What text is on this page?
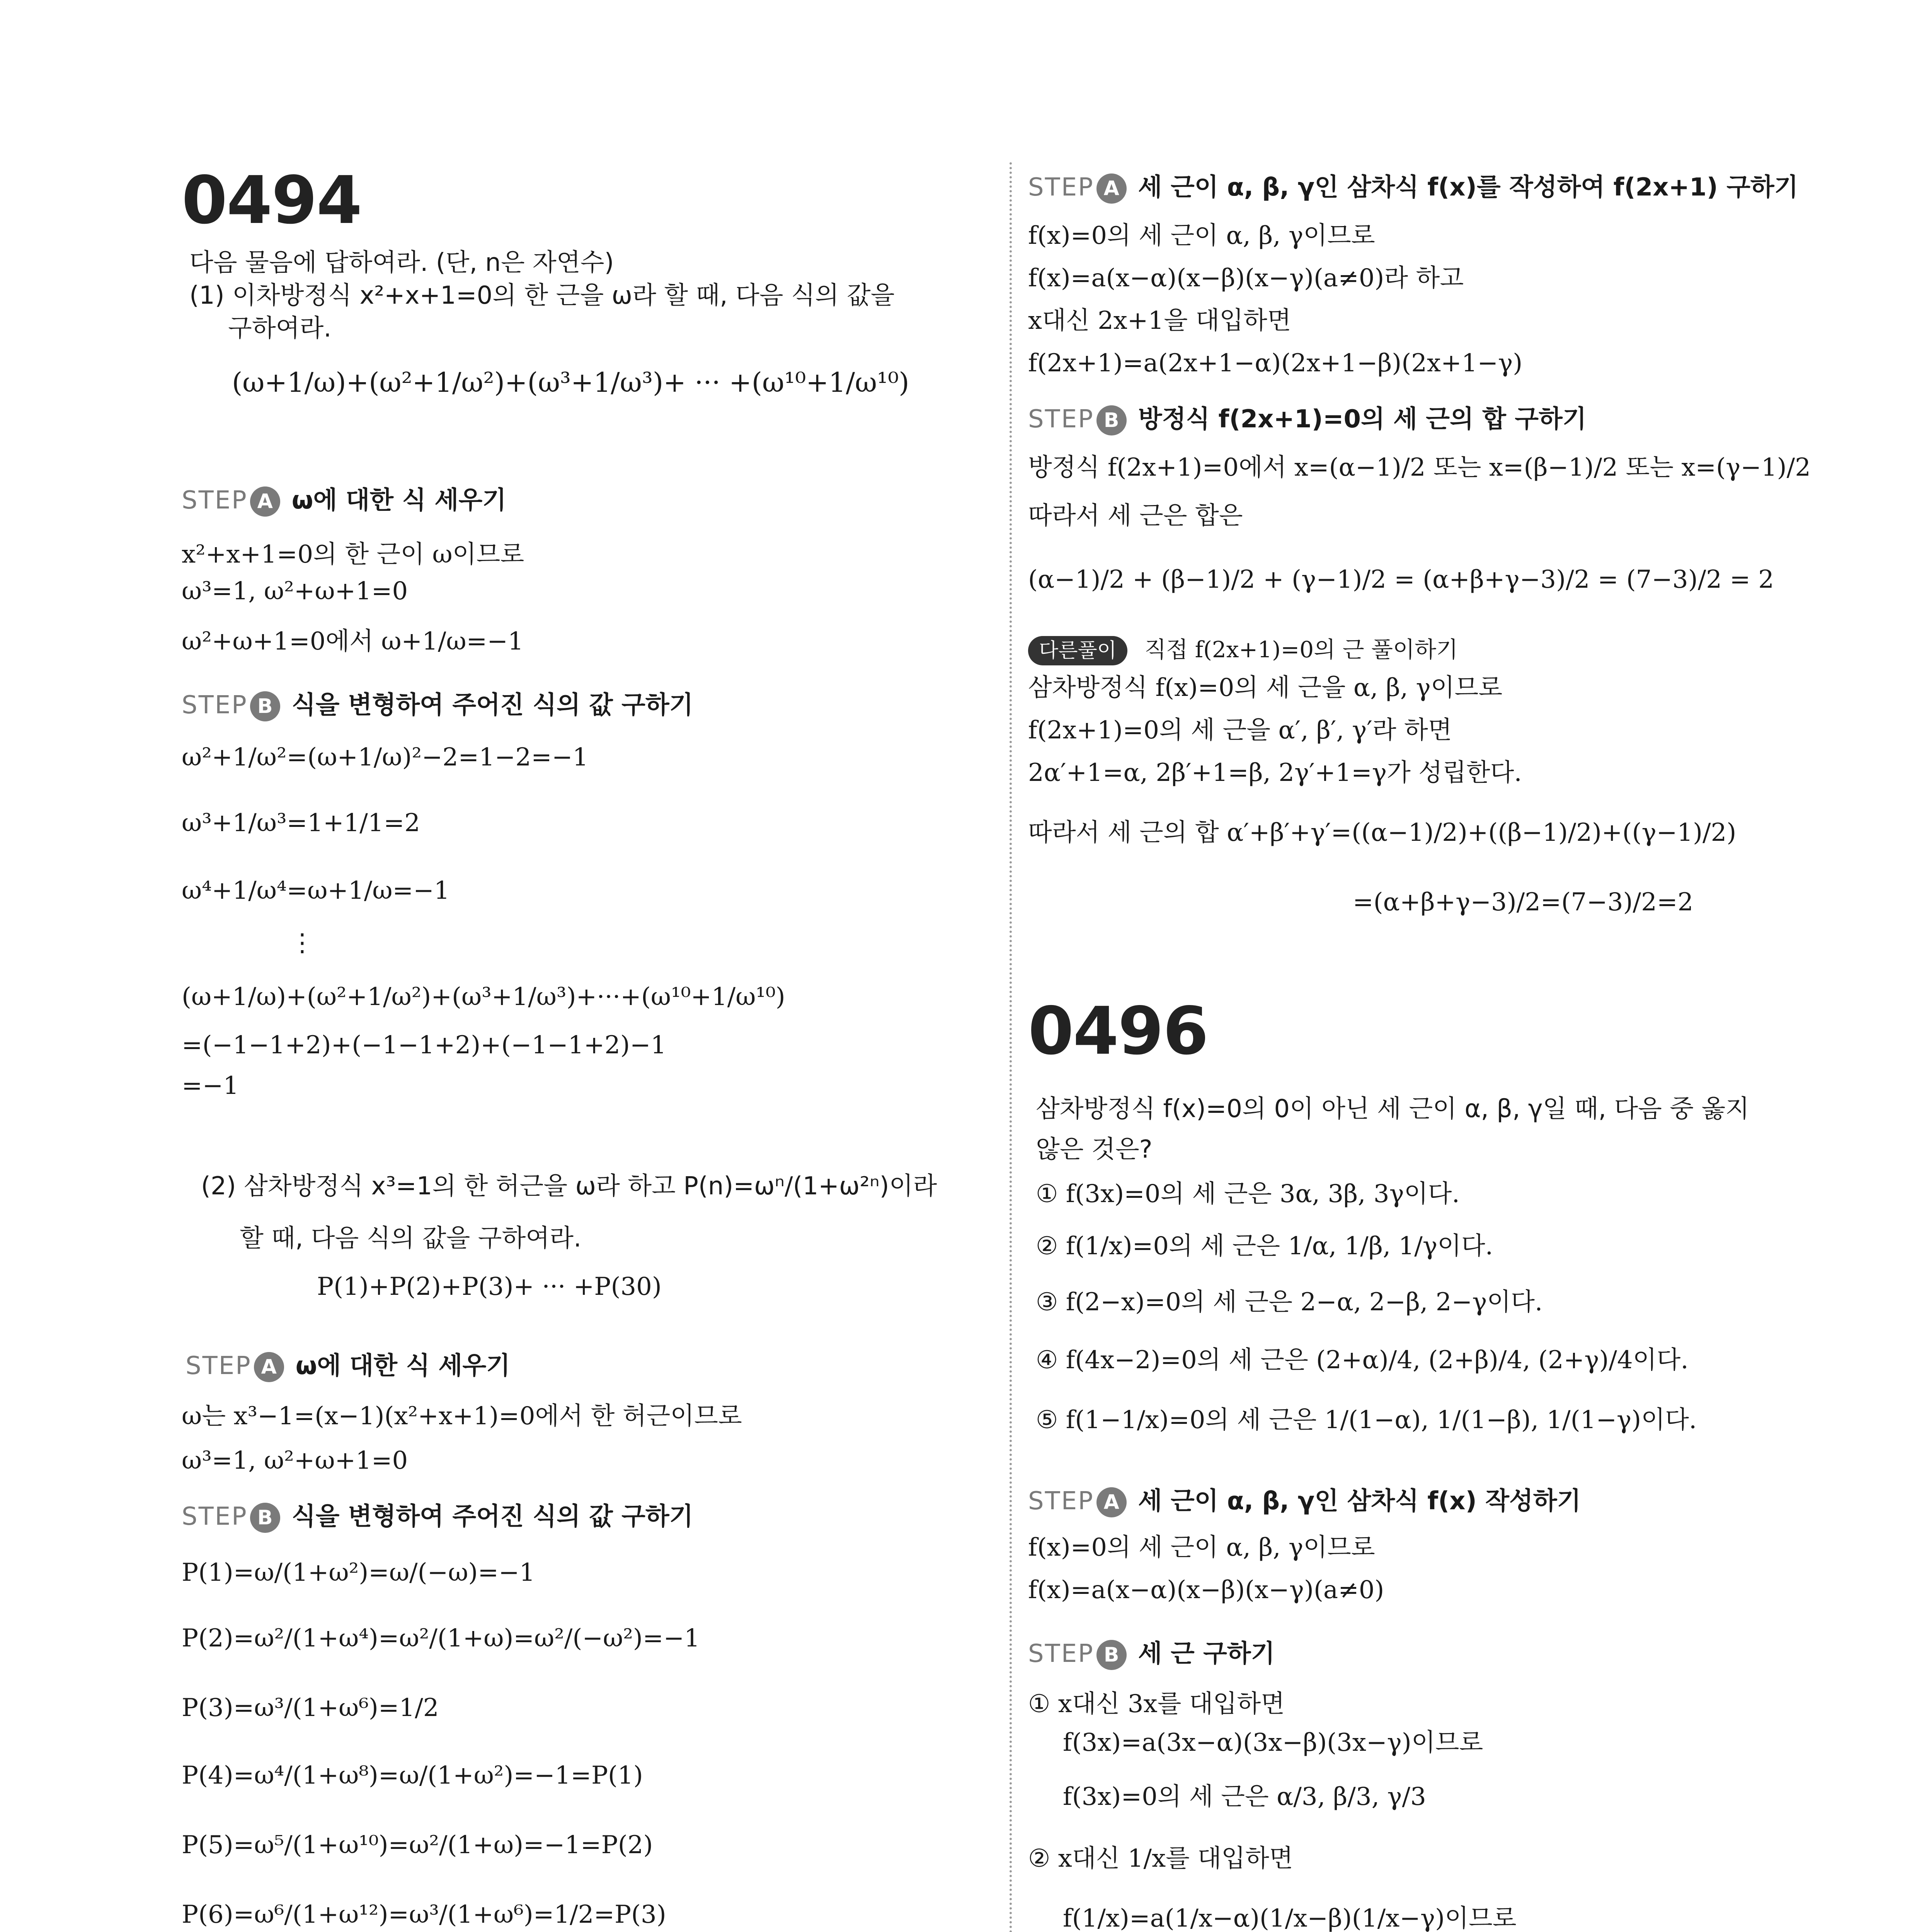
0494
다음 물음에 답하여라. (단, n은 자연수)
(1) 이차방정식 x²+x+1=0의 한 근을 ω라 할 때, 다음 식의 값을
구하여라.
(ω+1/ω)+(ω²+1/ω²)+(ω³+1/ω³)+ ··· +(ω¹⁰+1/ω¹⁰)
STEP A ω에 대한 식 세우기
x²+x+1=0의 한 근이 ω이므로
ω³=1, ω²+ω+1=0
ω²+ω+1=0에서 ω+1/ω=−1
STEP B 식을 변형하여 주어진 식의 값 구하기
ω²+1/ω²=(ω+1/ω)²−2=1−2=−1
ω³+1/ω³=1+1/1=2
ω⁴+1/ω⁴=ω+1/ω=−1
⋮
(ω+1/ω)+(ω²+1/ω²)+(ω³+1/ω³)+···+(ω¹⁰+1/ω¹⁰)
=(−1−1+2)+(−1−1+2)+(−1−1+2)−1
=−1
(2) 삼차방정식 x³=1의 한 허근을 ω라 하고 P(n)=ωⁿ/(1+ω²ⁿ)이라
할 때, 다음 식의 값을 구하여라.
P(1)+P(2)+P(3)+ ··· +P(30)
STEP A ω에 대한 식 세우기
ω는 x³−1=(x−1)(x²+x+1)=0에서 한 허근이므로
ω³=1, ω²+ω+1=0
STEP B 식을 변형하여 주어진 식의 값 구하기
P(1)=ω/(1+ω²)=ω/(−ω)=−1
P(2)=ω²/(1+ω⁴)=ω²/(1+ω)=ω²/(−ω²)=−1
P(3)=ω³/(1+ω⁶)=1/2
P(4)=ω⁴/(1+ω⁸)=ω/(1+ω²)=−1=P(1)
P(5)=ω⁵/(1+ω¹⁰)=ω²/(1+ω)=−1=P(2)
P(6)=ω⁶/(1+ω¹²)=ω³/(1+ω⁶)=1/2=P(3)
STEP A 세 근이 α, β, γ인 삼차식 f(x)를 작성하여 f(2x+1) 구하기
f(x)=0의 세 근이 α, β, γ이므로
f(x)=a(x−α)(x−β)(x−γ)(a≠0)라 하고
x대신 2x+1을 대입하면
f(2x+1)=a(2x+1−α)(2x+1−β)(2x+1−γ)
STEP B 방정식 f(2x+1)=0의 세 근의 합 구하기
방정식 f(2x+1)=0에서 x=(α−1)/2 또는 x=(β−1)/2 또는 x=(γ−1)/2
따라서 세 근은 합은
(α−1)/2 + (β−1)/2 + (γ−1)/2 = (α+β+γ−3)/2 = (7−3)/2 = 2
다른풀이 직접 f(2x+1)=0의 근 풀이하기
삼차방정식 f(x)=0의 세 근을 α, β, γ이므로
f(2x+1)=0의 세 근을 α′, β′, γ′라 하면
2α′+1=α, 2β′+1=β, 2γ′+1=γ가 성립한다.
따라서 세 근의 합 α′+β′+γ′=((α−1)/2)+((β−1)/2)+((γ−1)/2)
=(α+β+γ−3)/2=(7−3)/2=2
0496
삼차방정식 f(x)=0의 0이 아닌 세 근이 α, β, γ일 때, 다음 중 옳지
않은 것은?
① f(3x)=0의 세 근은 3α, 3β, 3γ이다.
② f(1/x)=0의 세 근은 1/α, 1/β, 1/γ이다.
③ f(2−x)=0의 세 근은 2−α, 2−β, 2−γ이다.
④ f(4x−2)=0의 세 근은 (2+α)/4, (2+β)/4, (2+γ)/4이다.
⑤ f(1−1/x)=0의 세 근은 1/(1−α), 1/(1−β), 1/(1−γ)이다.
STEP A 세 근이 α, β, γ인 삼차식 f(x) 작성하기
f(x)=0의 세 근이 α, β, γ이므로
f(x)=a(x−α)(x−β)(x−γ)(a≠0)
STEP B 세 근 구하기
① x대신 3x를 대입하면
f(3x)=a(3x−α)(3x−β)(3x−γ)이므로
f(3x)=0의 세 근은 α/3, β/3, γ/3
② x대신 1/x를 대입하면
f(1/x)=a(1/x−α)(1/x−β)(1/x−γ)이므로
